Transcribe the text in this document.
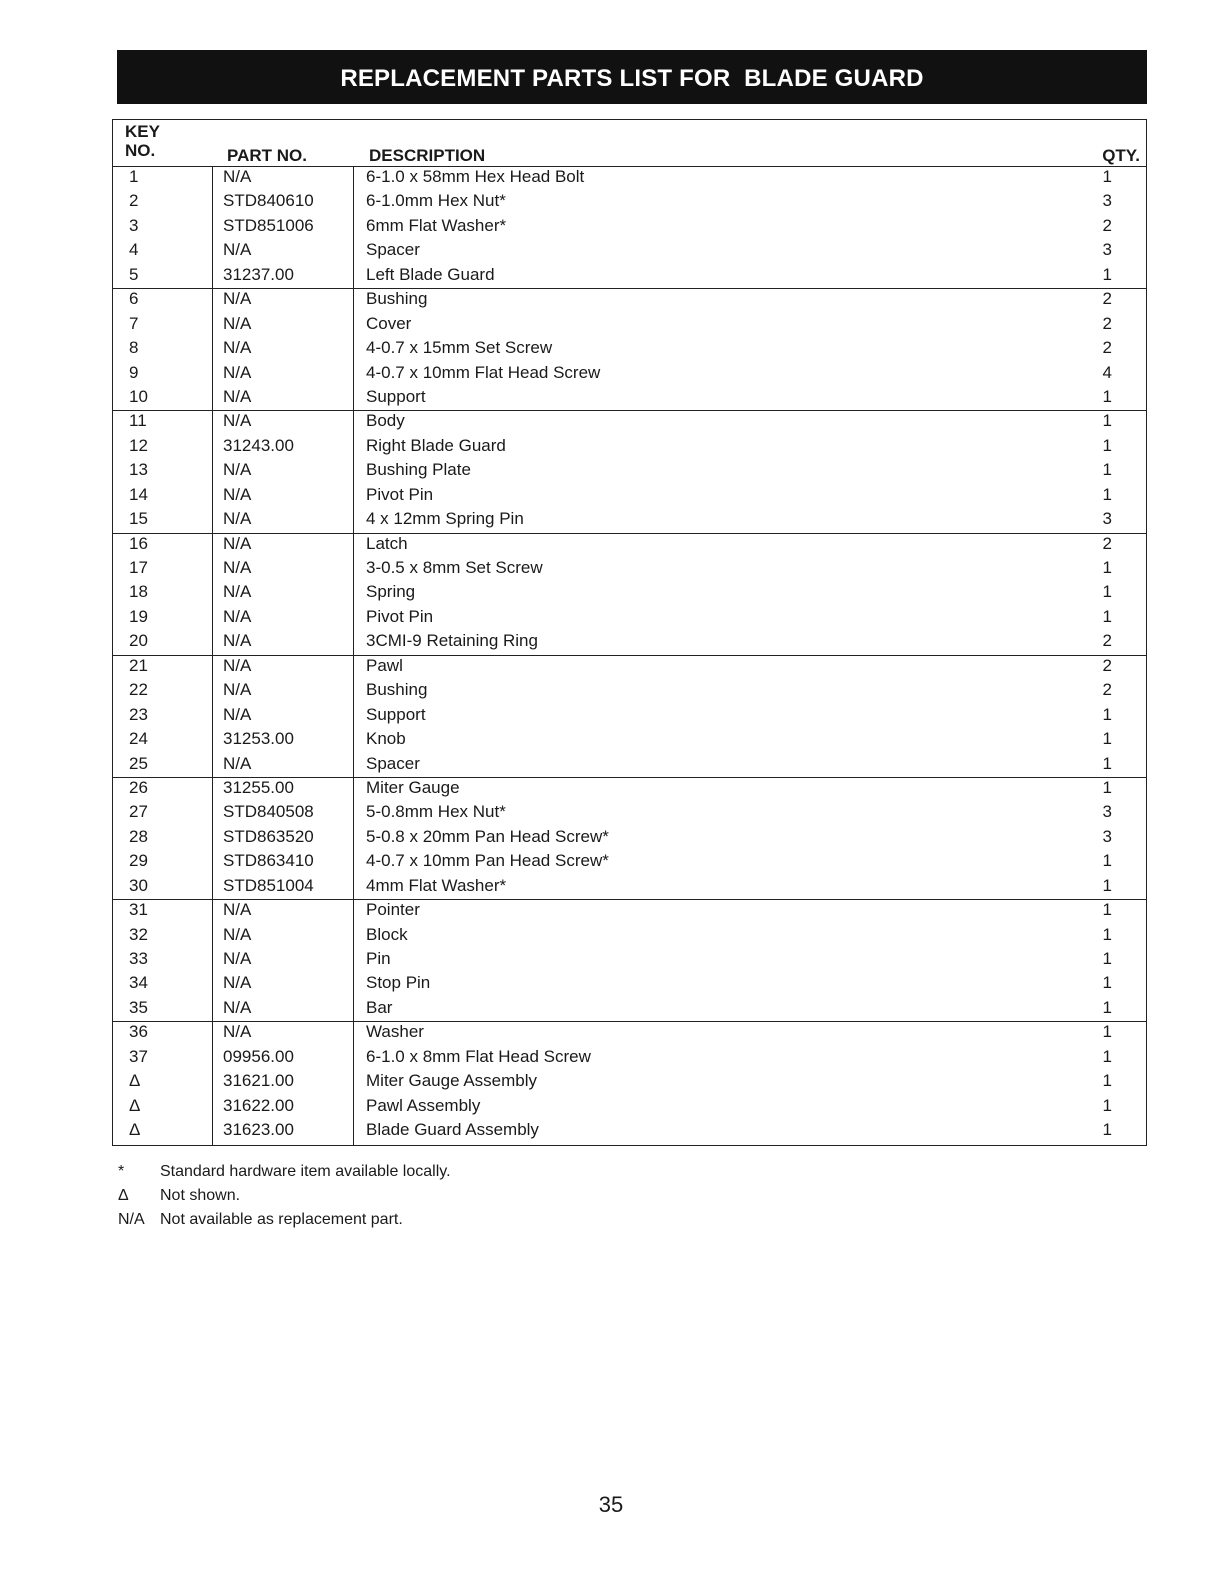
REPLACEMENT PARTS LIST FOR  BLADE GUARD
KEY
NO.	PART NO.	DESCRIPTION	QTY.
1	N/A	6-1.0 x 58mm Hex Head Bolt	1
2	STD840610	6-1.0mm Hex Nut*	3
3	STD851006	6mm Flat Washer*	2
4	N/A	Spacer	3
5	31237.00	Left Blade Guard	1
6	N/A	Bushing	2
7	N/A	Cover	2
8	N/A	4-0.7 x 15mm Set Screw	2
9	N/A	4-0.7 x 10mm Flat Head Screw	4
10	N/A	Support	1
11	N/A	Body	1
12	31243.00	Right Blade Guard	1
13	N/A	Bushing Plate	1
14	N/A	Pivot Pin	1
15	N/A	4 x 12mm Spring Pin	3
16	N/A	Latch	2
17	N/A	3-0.5 x 8mm Set Screw	1
18	N/A	Spring	1
19	N/A	Pivot Pin	1
20	N/A	3CMI-9 Retaining Ring	2
21	N/A	Pawl	2
22	N/A	Bushing	2
23	N/A	Support	1
24	31253.00	Knob	1
25	N/A	Spacer	1
26	31255.00	Miter Gauge	1
27	STD840508	5-0.8mm Hex Nut*	3
28	STD863520	5-0.8 x 20mm Pan Head Screw*	3
29	STD863410	4-0.7 x 10mm Pan Head Screw*	1
30	STD851004	4mm Flat Washer*	1
31	N/A	Pointer	1
32	N/A	Block	1
33	N/A	Pin	1
34	N/A	Stop Pin	1
35	N/A	Bar	1
36	N/A	Washer	1
37	09956.00	6-1.0 x 8mm Flat Head Screw	1
Δ	31621.00	Miter Gauge Assembly	1
Δ	31622.00	Pawl Assembly	1
Δ	31623.00	Blade Guard Assembly	1
*	Standard hardware item available locally.
Δ	Not shown.
N/A Not available as replacement part.
35
